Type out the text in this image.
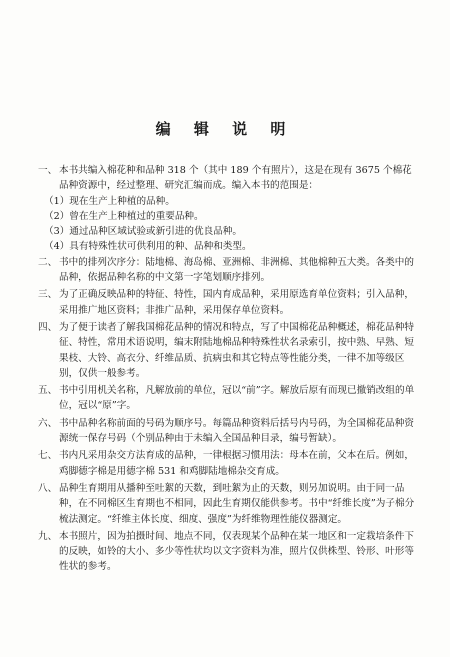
编 辑 说 明

一、 本书共编入棉花种和品种 318 个（其中 189 个有照片），这是在现有 3675 个棉花品种资源中，经过整理、研究汇编而成。编入本书的范围是：

（1）现在生产上种植的品种。

（2）曾在生产上种植过的重要品种。

（3）通过品种区域试验或新引进的优良品种。

（4）具有特殊性状可供利用的种、品种和类型。

二、 书中的排列次序分：陆地棉、海岛棉、亚洲棉、非洲棉、其他棉种五大类。各类中的品种，依据品种名称的中文第一字笔划顺序排列。

三、 为了正确反映品种的特征、特性，国内育成品种，采用原选育单位资料；引入品种，采用推广地区资料；非推广品种，采用保存单位资料。

四、 为了便于读者了解我国棉花品种的情况和特点，写了中国棉花品种概述，棉花品种特征、特性，常用术语说明，编末附陆地棉品种特殊性状名录索引，按中熟、早熟、短果枝、大铃、高衣分、纤维品质、抗病虫和其它特点等性能分类，一律不加等级区别，仅供一般参考。

五、 书中引用机关名称，凡解放前的单位，冠以“前”字。解放后原有而现已撤销改组的单位，冠以“原”字。

六、 书中品种名称前面的号码为顺序号。每篇品种资料后括号内号码，为全国棉花品种资源统一保存号码（个别品种由于未编入全国品种目录，编号暂缺）。

七、 书内凡采用杂交方法育成的品种，一律根据习惯用法：母本在前，父本在后。例如，鸡脚德字棉是用德字棉 531 和鸡脚陆地棉杂交育成。

八、 品种生育期用从播种至吐絮的天数，到吐絮为止的天数，则另加说明。由于同一品种，在不同棉区生育期也不相同，因此生育期仅能供参考。书中“纤维长度”为子棉分梳法测定。“纤维主体长度、细度、强度”为纤维物理性能仪器测定。

九、 本书照片，因为拍摄时间、地点不同，仅表现某个品种在某一地区和一定栽培条件下的反映，如铃的大小、多少等性状均以文字资料为准，照片仅供株型、铃形、叶形等性状的参考。
